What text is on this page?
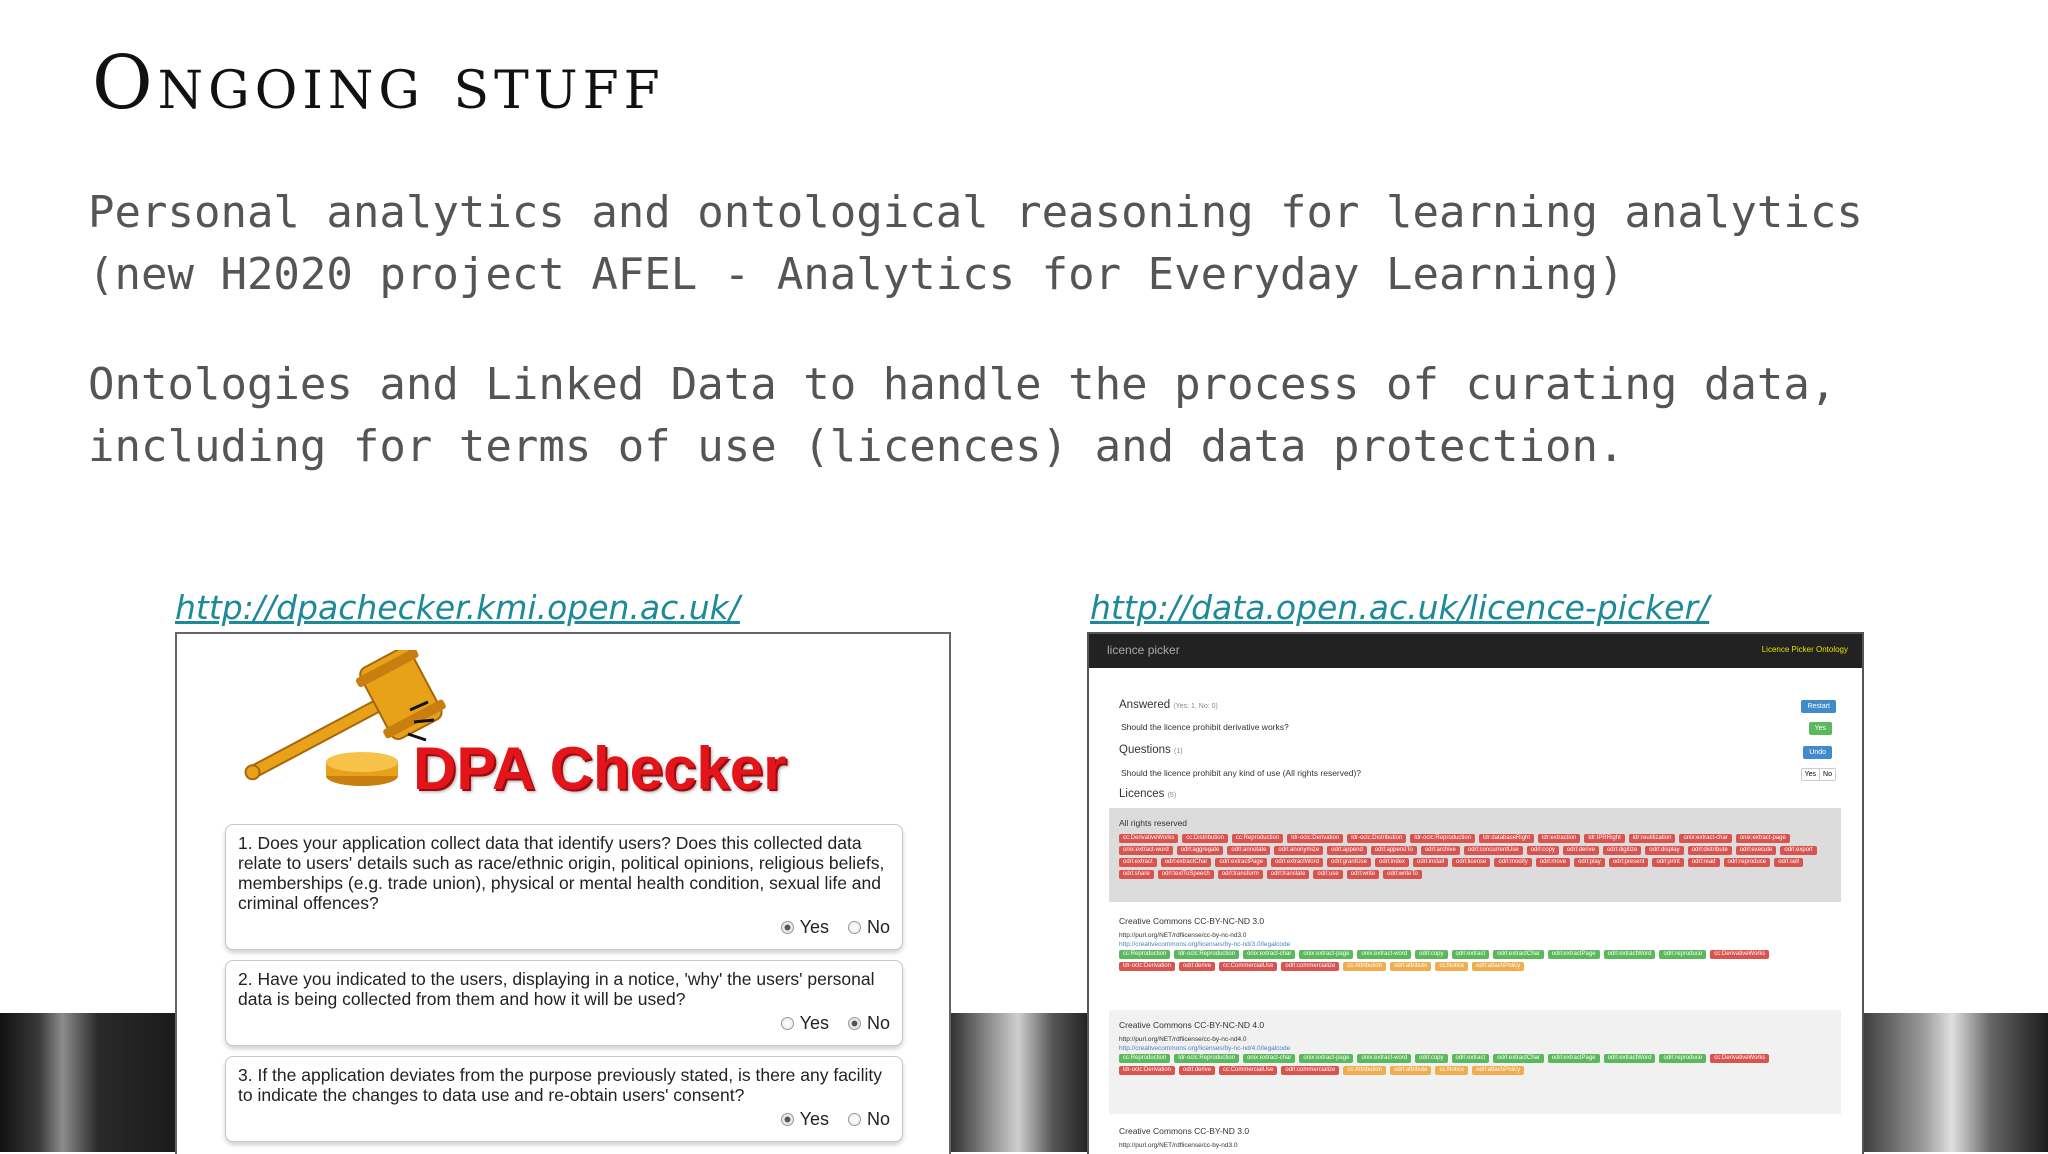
Ongoing stuff

Personal analytics and ontological reasoning for learning analytics
(new H2020 project AFEL - Analytics for Everyday Learning)

Ontologies and Linked Data to handle the process of curating data,
including for terms of use (licences) and data protection.

http://dpachecker.kmi.open.ac.uk/	http://data.open.ac.uk/licence-picker/
DPA Checker

1. Does your application collect data that identify users? Does this collected data relate to users' details such as race/ethnic origin, political opinions, religious beliefs, memberships (e.g. trade union), physical or mental health condition, sexual life and criminal offences?

Yes No

2. Have you indicated to the users, displaying in a notice, 'why' the users' personal data is being collected from them and how it will be used?

Yes No

3. If the application deviates from the purpose previously stated, is there any facility to indicate the changes to data use and re-obtain users' consent?

Yes No
licence picker	Licence Picker Ontology
Answered (Yes: 1, No: 0)	Restart
Should the licence prohibit derivative works?	Yes
Questions (1)	Undo
Should the licence prohibit any kind of use (All rights reserved)?	Yes No
Licences (5)
All rights reserved
cc:DerivativeWorks cc:Distribution cc:Reproduction ldr-oclc:Derivation ldr-oclc:Distribution ldr-oclc:Reproduction ldr:databaseRight ldr:extraction ldr:IPRRight ldr:reutilization onix:extract-char onix:extract-pageonix:extract-word odrl:aggregate odrl:annotate odrl:anonymize odrl:append odrl:appendTo odrl:archive odrl:concurrentUse odrl:copy odrl:derive odrl:digitize odrl:display odrl:distribute odrl:execute odrl:exportodrl:extract odrl:extractChar odrl:extractPage odrl:extractWord odrl:grantUse odrl:index odrl:install odrl:license odrl:modify odrl:move odrl:play odrl:present odrl:print odrl:read odrl:reproduce odrl:sellodrl:share odrl:textToSpeech odrl:transform odrl:translate odrl:use odrl:write odrl:writeTo
Creative Commons CC-BY-NC-ND 3.0
http://purl.org/NET/rdflicense/cc-by-nc-nd3.0
http://creativecommons.org/licenses/by-nc-nd/3.0/legalcode
cc:Reproduction ldr-oclc:Reproduction onix:extract-char onix:extract-page onix:extract-word odrl:copy odrl:extract odrl:extractChar odrl:extractPage odrl:extractWord odrl:reproduce cc:DerivativeWorksldr-oclc:Derivation odrl:derive cc:CommercialUse odrl:commercialize cc:Attribution odrl:attribute cc:Notice odrl:attachPolicy
Creative Commons CC-BY-NC-ND 4.0
http://purl.org/NET/rdflicense/cc-by-nc-nd4.0
http://creativecommons.org/licenses/by-nc-nd/4.0/legalcode
cc:Reproduction ldr-oclc:Reproduction onix:extract-char onix:extract-page onix:extract-word odrl:copy odrl:extract odrl:extractChar odrl:extractPage odrl:extractWord odrl:reproduce cc:DerivativeWorksldr-oclc:Derivation odrl:derive cc:CommercialUse odrl:commercialize cc:Attribution odrl:attribute cc:Notice odrl:attachPolicy
Creative Commons CC-BY-ND 3.0
http://purl.org/NET/rdflicense/cc-by-nd3.0
